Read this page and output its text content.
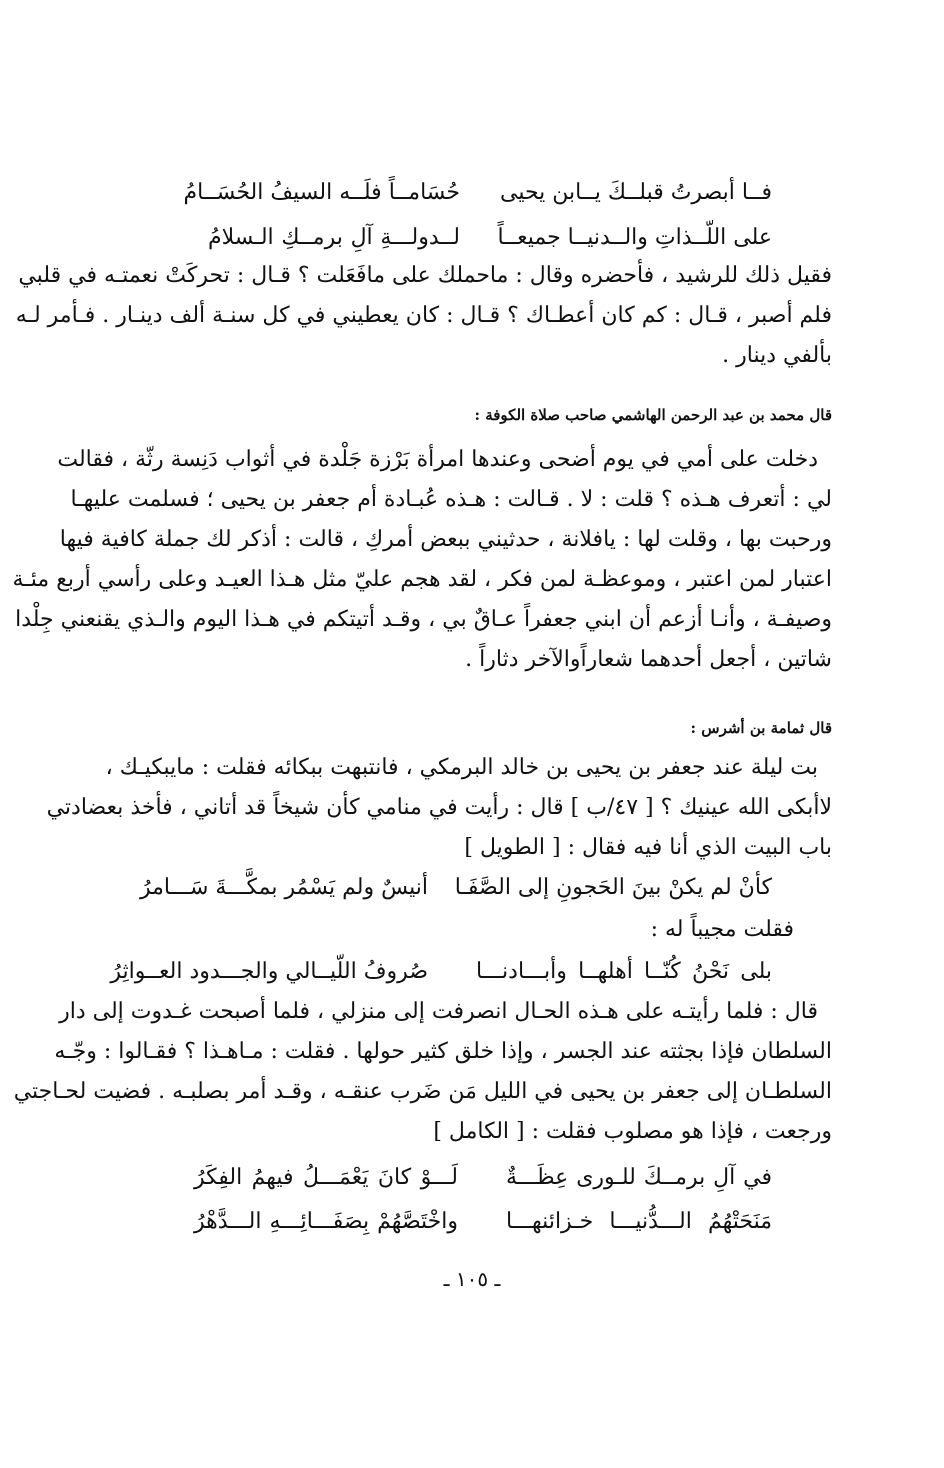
فــا أبصرتُ قبلــكَ يــابن يحيى
حُسَامــاً فلَــه السيفُ الحُسَــامُ
على اللّــذاتِ والــدنيــا جميعــاً
لــدولـــةِ آلِ برمــكِ الـسلامُ
فقيل ذلك للرشيد ، فأحضره وقال : ماحملك على مافَعَلت ؟ قـال : تحركَتْ نعمتـه في قلبي
فلم أصبر ، قـال : كم كان أعطـاك ؟ قـال : كان يعطيني في كل سنـة ألف دينـار . فـأمر لـه
بألفي دينار .
قال محمد بن عبد الرحمن الهاشمي صاحب صلاة الكوفة :
دخلت على أمي في يوم أضحى وعندها امرأة بَرْزة جَلْدة في أثواب دَنِسة رثّة ، فقالت
لي : أتعرف هـذه ؟ قلت : لا . قـالت : هـذه عُبـادة أم جعفر بن يحيى ؛ فسلمت عليهـا
ورحبت بها ، وقلت لها : يافلانة ، حدثيني ببعض أمركِ ، قالت : أذكر لك جملة كافية فيها
اعتبار لمن اعتبر ، وموعظـة لمن فكر ، لقد هجم عليّ مثل هـذا العيـد وعلى رأسي أربع مئـة
وصيفـة ، وأنـا أزعم أن ابني جعفراً عـاقٌ بي ، وقـد أتيتكم في هـذا اليوم والـذي يقنعني جِلْدا
شاتين ، أجعل أحدهما شعاراًوالآخر دثاراً .
قال ثمامة بن أشرس :
بت ليلة عند جعفر بن يحيى بن خالد البرمكي ، فانتبهت ببكائه فقلت : مايبكيـك ،
لاأبكى الله عينيك ؟ [ ٤٧/ب ] قال : رأيت في منامي كأن شيخاً قد أتاني ، فأخذ بعضادتي
باب البيت الذي أنا فيه فقال : [ الطويل ]
كأنْ لم يكنْ بينَ الحَجونِ إلى الصَّفَـا
أنيسٌ ولم يَسْمُر بمكَّـــةَ سَـــامرُ
فقلت مجيباً له :
بلى نَحْنُ كُنّــا أهلهــا وأبـــادنـــا
صُروفُ اللّيــالي والجـــدود العــواثِرُ
قال : فلما رأيتـه على هـذه الحـال انصرفت إلى منزلي ، فلما أصبحت غـدوت إلى دار
السلطان فإذا بجثته عند الجسر ، وإذا خلق كثير حولها . فقلت : مـاهـذا ؟ فقـالوا : وجّـه
السلطـان إلى جعفر بن يحيى في الليل مَن ضَرب عنقـه ، وقـد أمر بصلبـه . فضيت لحـاجتي
ورجعت ، فإذا هو مصلوب فقلت : [ الكامل ]
في آلِ برمــكَ للـورى عِظَـــةٌ
لَـــوْ كانَ يَعْمَـــلُ فيهمُ الفِكَرُ
مَنَحَتْهُمُ الـــدُّنيـــا خـزائنهـــا
واخْتَصَّهُمْ بِصَفَـــائِـــهِ الـــدَّهْرُ
ـ ١٠٥ ـ
